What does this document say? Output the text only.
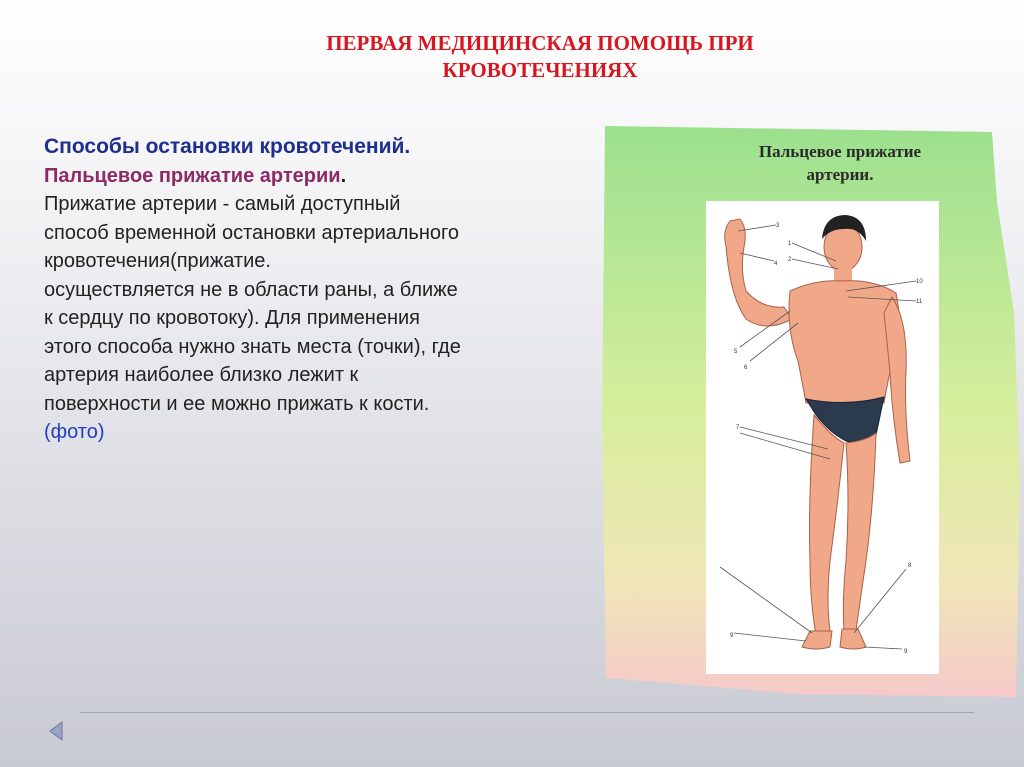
ПЕРВАЯ МЕДИЦИНСКАЯ ПОМОЩЬ ПРИ
КРОВОТЕЧЕНИЯХ
Способы остановки кровотечений.
Пальцевое прижатие артерии.
Прижатие артерии - самый доступный
способ временной остановки артериального
кровотечения(прижатие.
осуществляется не в области раны, а ближе
к сердцу по кровотоку). Для применения
этого способа нужно знать места (точки), где
артерия наиболее близко лежит к
поверхности и ее можно прижать к кости.
(фото)
Пальцевое прижатие
артерии.
1
2
3
4
5
6
7
8
9
9
10
11
